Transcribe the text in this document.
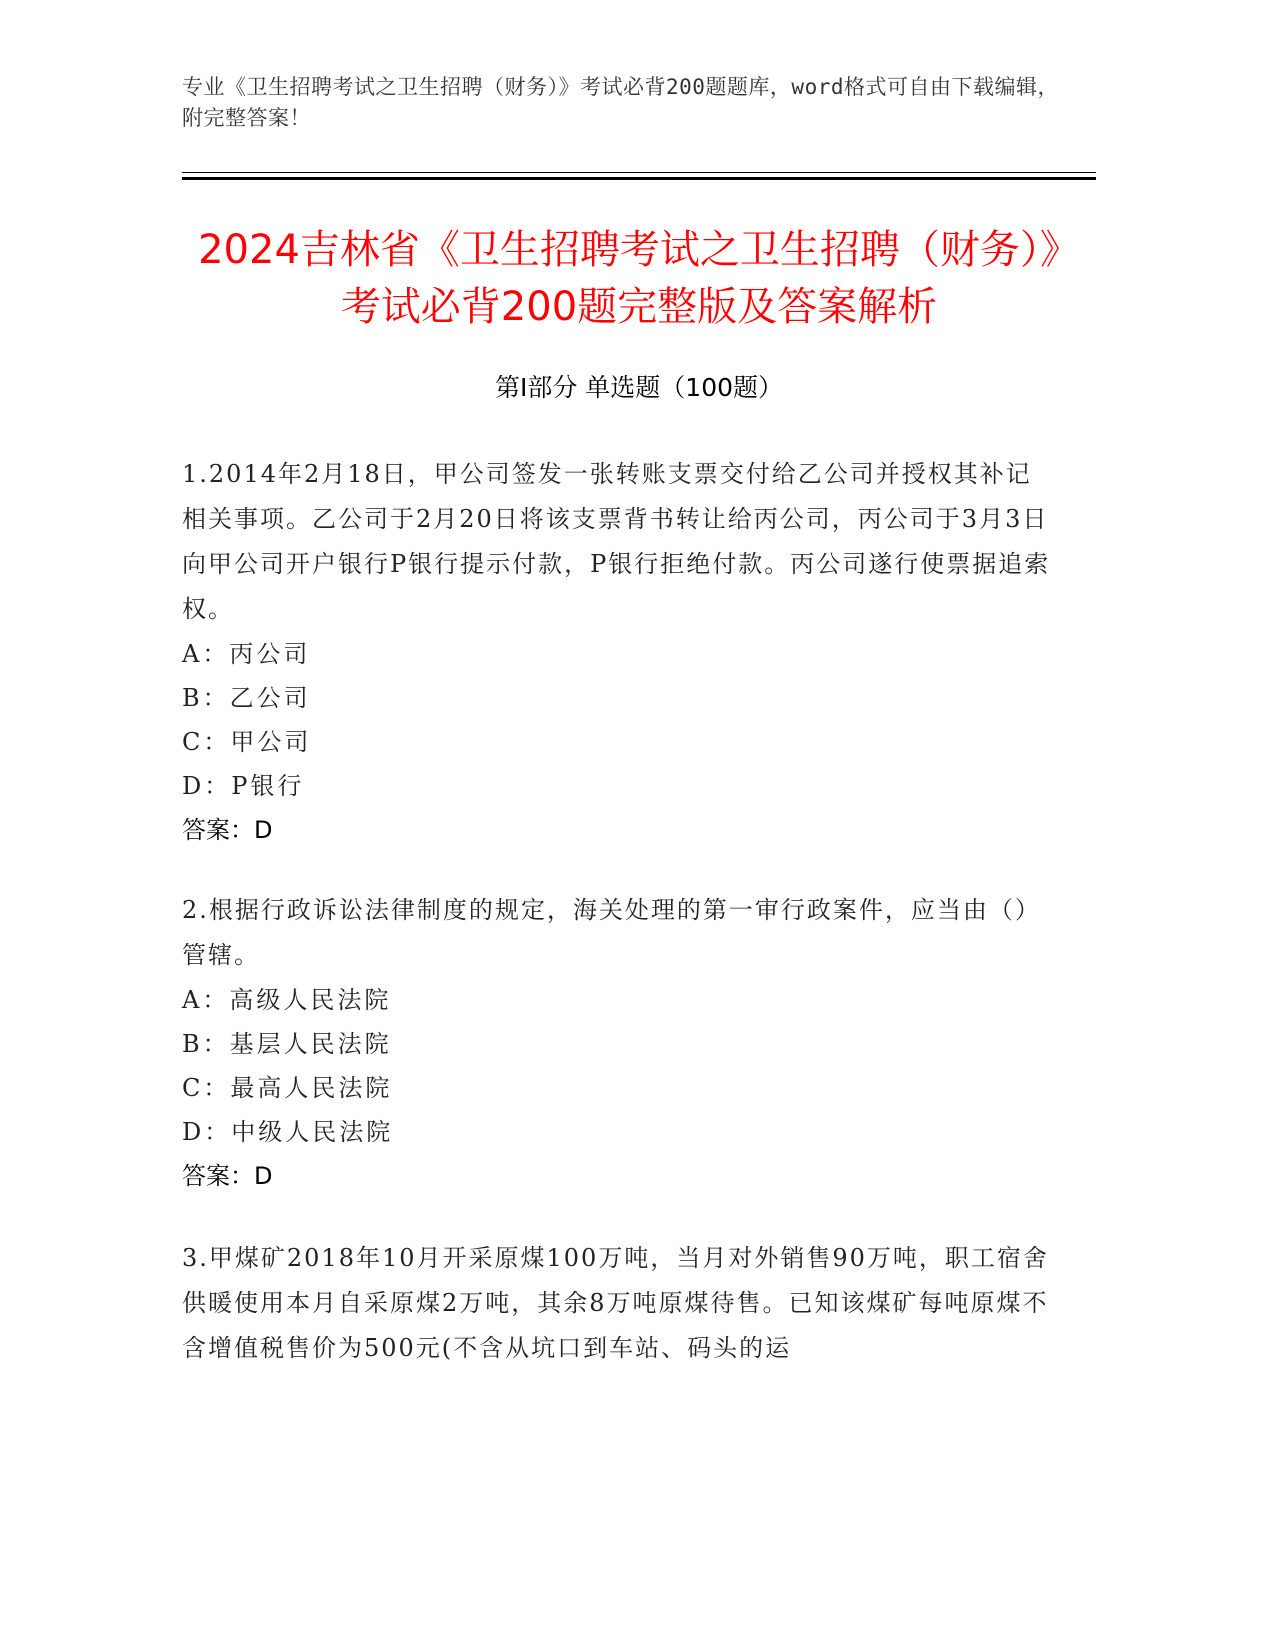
专业《卫生招聘考试之卫生招聘（财务）》考试必背200题题库，word格式可自由下载编辑，附完整答案！
2024吉林省《卫生招聘考试之卫生招聘（财务）》考试必背200题完整版及答案解析
第Ⅰ部分 单选题（100题）
1.2014年2月18日，甲公司签发一张转账支票交付给乙公司并授权其补记相关事项。乙公司于2月20日将该支票背书转让给丙公司，丙公司于3月3日向甲公司开户银行P银行提示付款，P银行拒绝付款。丙公司遂行使票据追索权。
A：丙公司
B：乙公司
C：甲公司
D：P银行
答案：D
2.根据行政诉讼法律制度的规定，海关处理的第一审行政案件，应当由（）管辖。
A：高级人民法院
B：基层人民法院
C：最高人民法院
D：中级人民法院
答案：D
3.甲煤矿2018年10月开采原煤100万吨，当月对外销售90万吨，职工宿舍供暖使用本月自采原煤2万吨，其余8万吨原煤待售。已知该煤矿每吨原煤不含增值税售价为500元(不含从坑口到车站、码头的运
